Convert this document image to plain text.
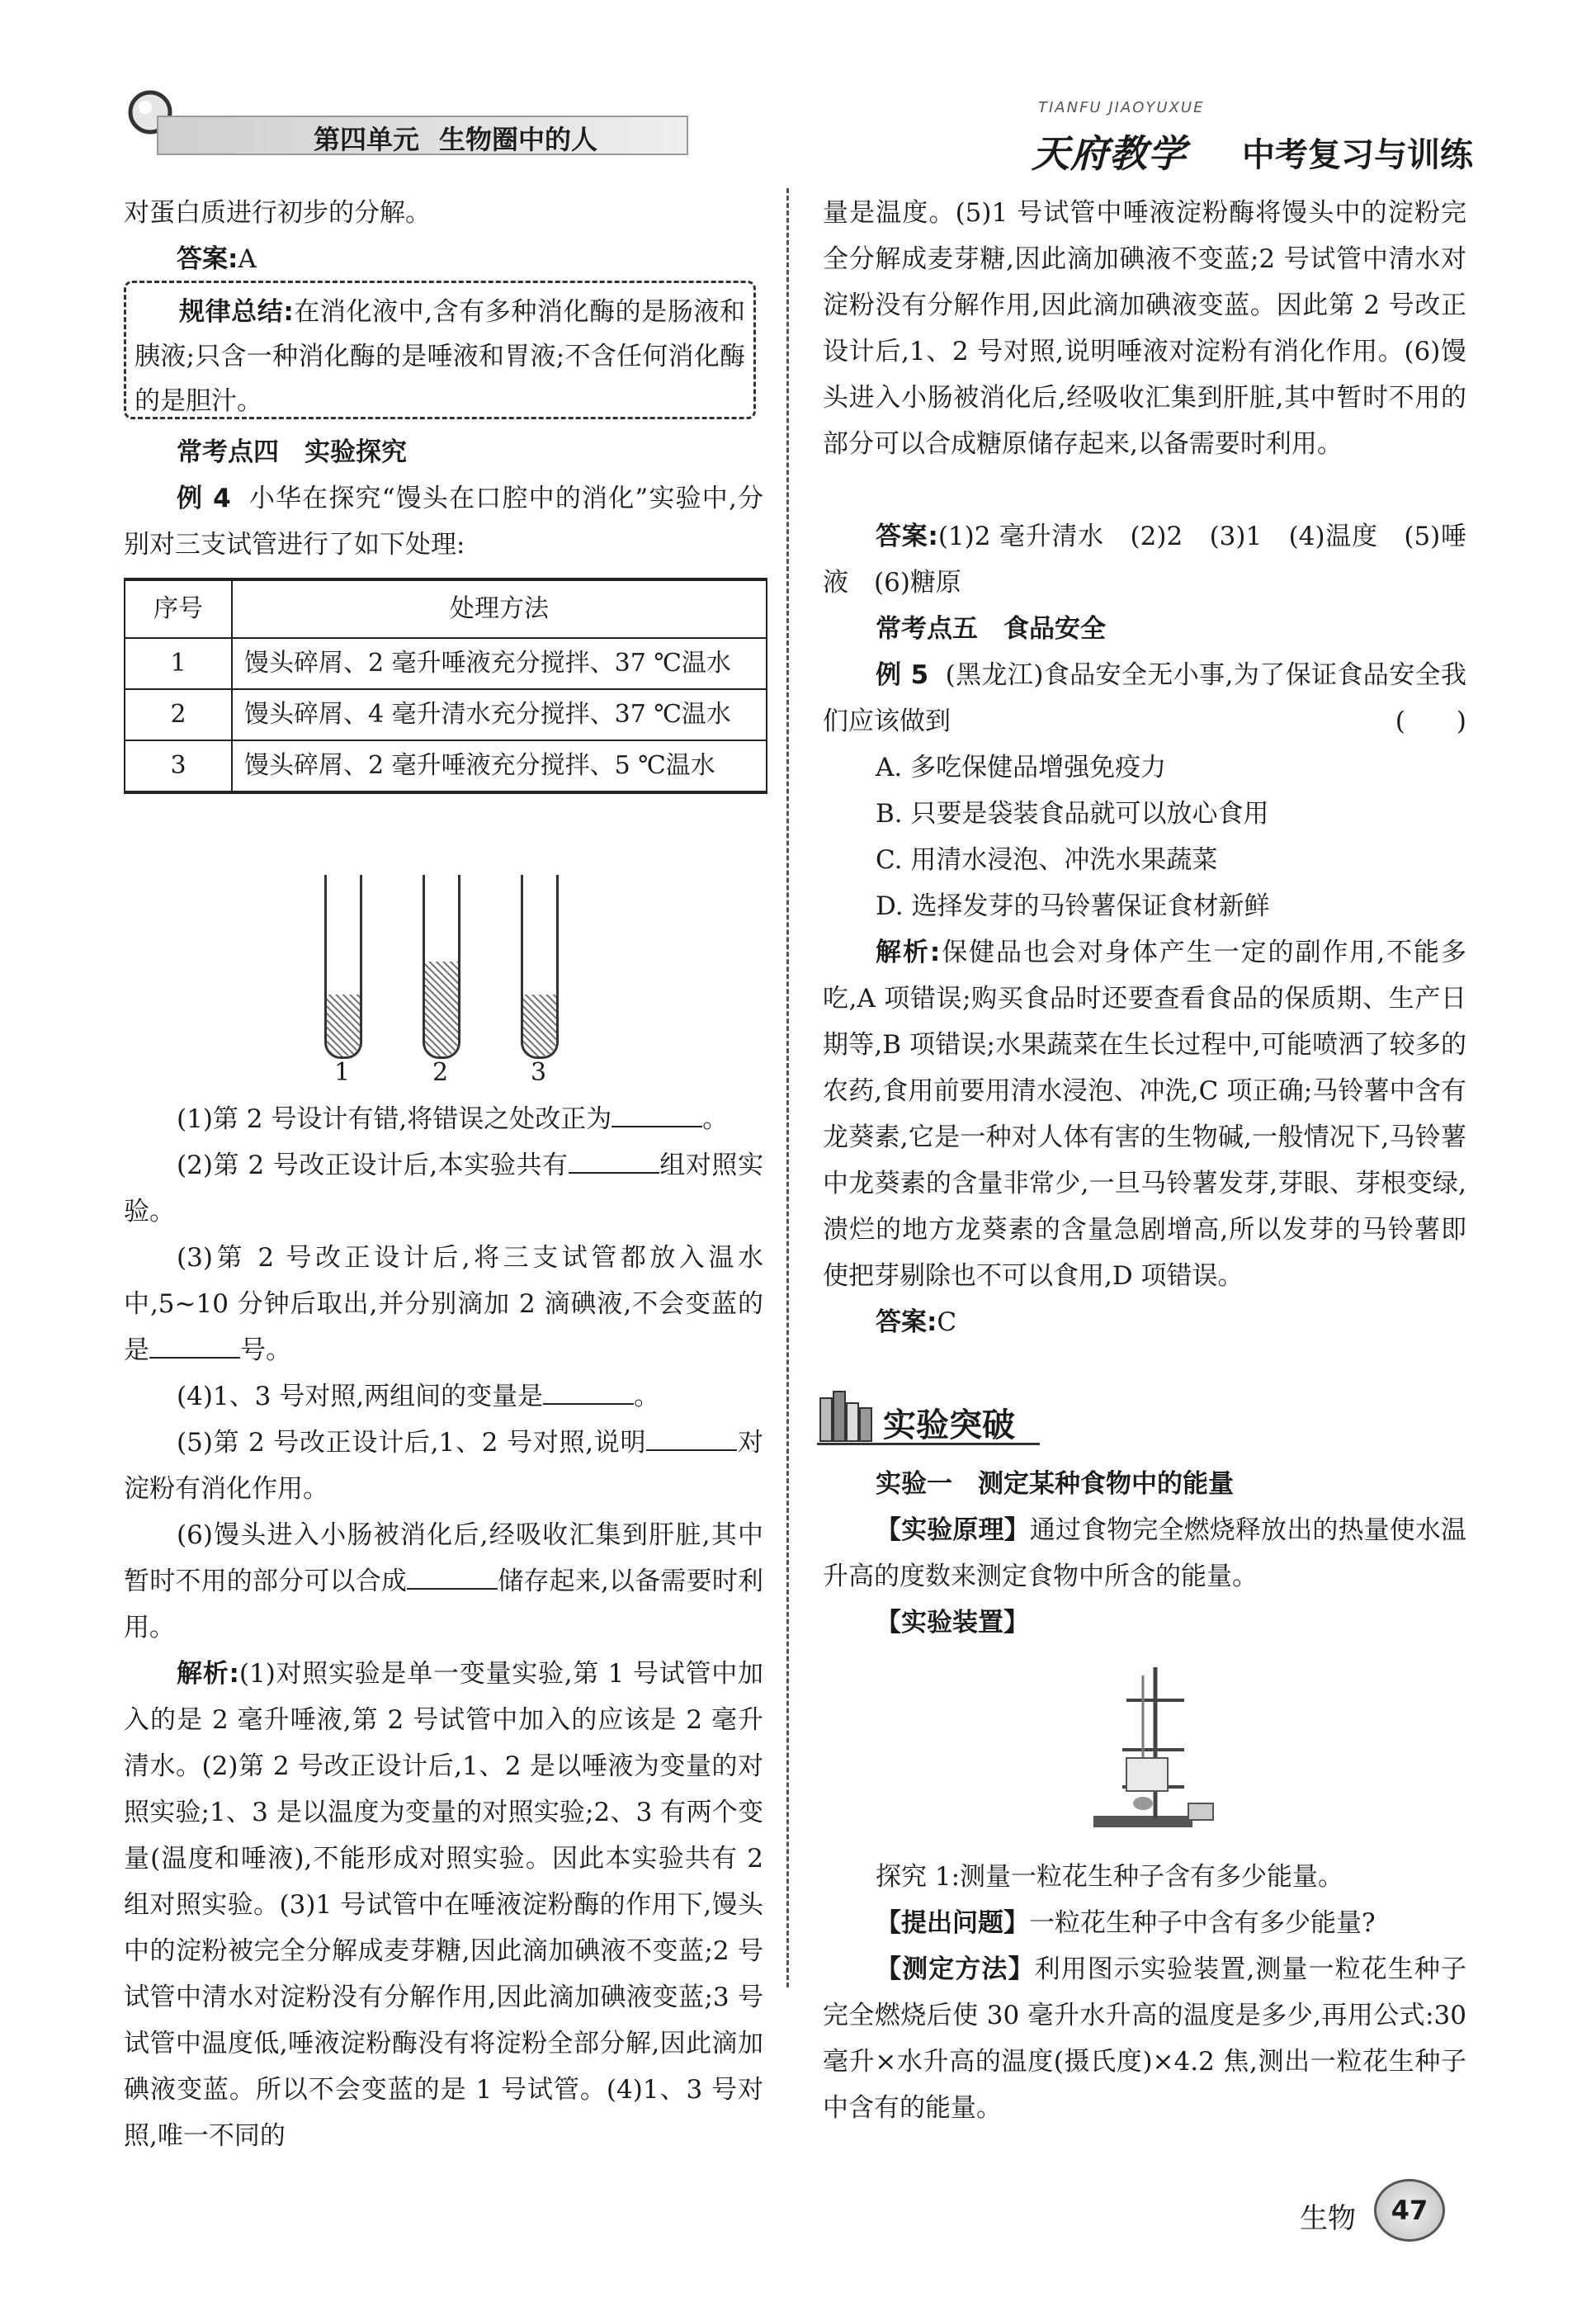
第四单元 生物圈中的人
TIANFU JIAOYUXUE
天府教学 中考复习与训练
对蛋白质进行初步的分解。
答案:A
规律总结:在消化液中,含有多种消化酶的是肠液和胰液;只含一种消化酶的是唾液和胃液;不含任何消化酶的是胆汁。
常考点四　实验探究
例 4 小华在探究“馒头在口腔中的消化”实验中,分别对三支试管进行了如下处理:
序号	处理方法
1	馒头碎屑、2 毫升唾液充分搅拌、37 ℃温水
2	馒头碎屑、4 毫升清水充分搅拌、37 ℃温水
3	馒头碎屑、2 毫升唾液充分搅拌、5 ℃温水
1	2	3
(1)第 2 号设计有错,将错误之处改正为	。
(2)第 2 号改正设计后,本实验共有	组对照实验。
(3)第 2 号改正设计后,将三支试管都放入温水中,5~10 分钟后取出,并分别滴加 2 滴碘液,不会变蓝的是	号。
(4)1、3 号对照,两组间的变量是	。
(5)第 2 号改正设计后,1、2 号对照,说明	对淀粉有消化作用。
(6)馒头进入小肠被消化后,经吸收汇集到肝脏,其中暂时不用的部分可以合成	储存起来,以备需要时利用。
解析:(1)对照实验是单一变量实验,第 1 号试管中加入的是 2 毫升唾液,第 2 号试管中加入的应该是 2 毫升清水。(2)第 2 号改正设计后,1、2 是以唾液为变量的对照实验;1、3 是以温度为变量的对照实验;2、3 有两个变量(温度和唾液),不能形成对照实验。因此本实验共有 2 组对照实验。(3)1 号试管中在唾液淀粉酶的作用下,馒头中的淀粉被完全分解成麦芽糖,因此滴加碘液不变蓝;2 号试管中清水对淀粉没有分解作用,因此滴加碘液变蓝;3 号试管中温度低,唾液淀粉酶没有将淀粉全部分解,因此滴加碘液变蓝。所以不会变蓝的是 1 号试管。(4)1、3 号对照,唯一不同的
量是温度。(5)1 号试管中唾液淀粉酶将馒头中的淀粉完全分解成麦芽糖,因此滴加碘液不变蓝;2 号试管中清水对淀粉没有分解作用,因此滴加碘液变蓝。因此第 2 号改正设计后,1、2 号对照,说明唾液对淀粉有消化作用。(6)馒头进入小肠被消化后,经吸收汇集到肝脏,其中暂时不用的部分可以合成糖原储存起来,以备需要时利用。
答案:(1)2 毫升清水　(2)2　(3)1　(4)温度　(5)唾液　(6)糖原
常考点五　食品安全
例 5 (黑龙江)食品安全无小事,为了保证食品安全我们应该做到	(　　)
A. 多吃保健品增强免疫力
B. 只要是袋装食品就可以放心食用
C. 用清水浸泡、冲洗水果蔬菜
D. 选择发芽的马铃薯保证食材新鲜
解析:保健品也会对身体产生一定的副作用,不能多吃,A 项错误;购买食品时还要查看食品的保质期、生产日期等,B 项错误;水果蔬菜在生长过程中,可能喷洒了较多的农药,食用前要用清水浸泡、冲洗,C 项正确;马铃薯中含有龙葵素,它是一种对人体有害的生物碱,一般情况下,马铃薯中龙葵素的含量非常少,一旦马铃薯发芽,芽眼、芽根变绿,溃烂的地方龙葵素的含量急剧增高,所以发芽的马铃薯即使把芽剔除也不可以食用,D 项错误。
答案:C
实验突破
实验一　测定某种食物中的能量
【实验原理】通过食物完全燃烧释放出的热量使水温升高的度数来测定食物中所含的能量。
【实验装置】
探究 1:测量一粒花生种子含有多少能量。
【提出问题】一粒花生种子中含有多少能量?
【测定方法】利用图示实验装置,测量一粒花生种子完全燃烧后使 30 毫升水升高的温度是多少,再用公式:30 毫升×水升高的温度(摄氏度)×4.2 焦,测出一粒花生种子中含有的能量。
生物	47
